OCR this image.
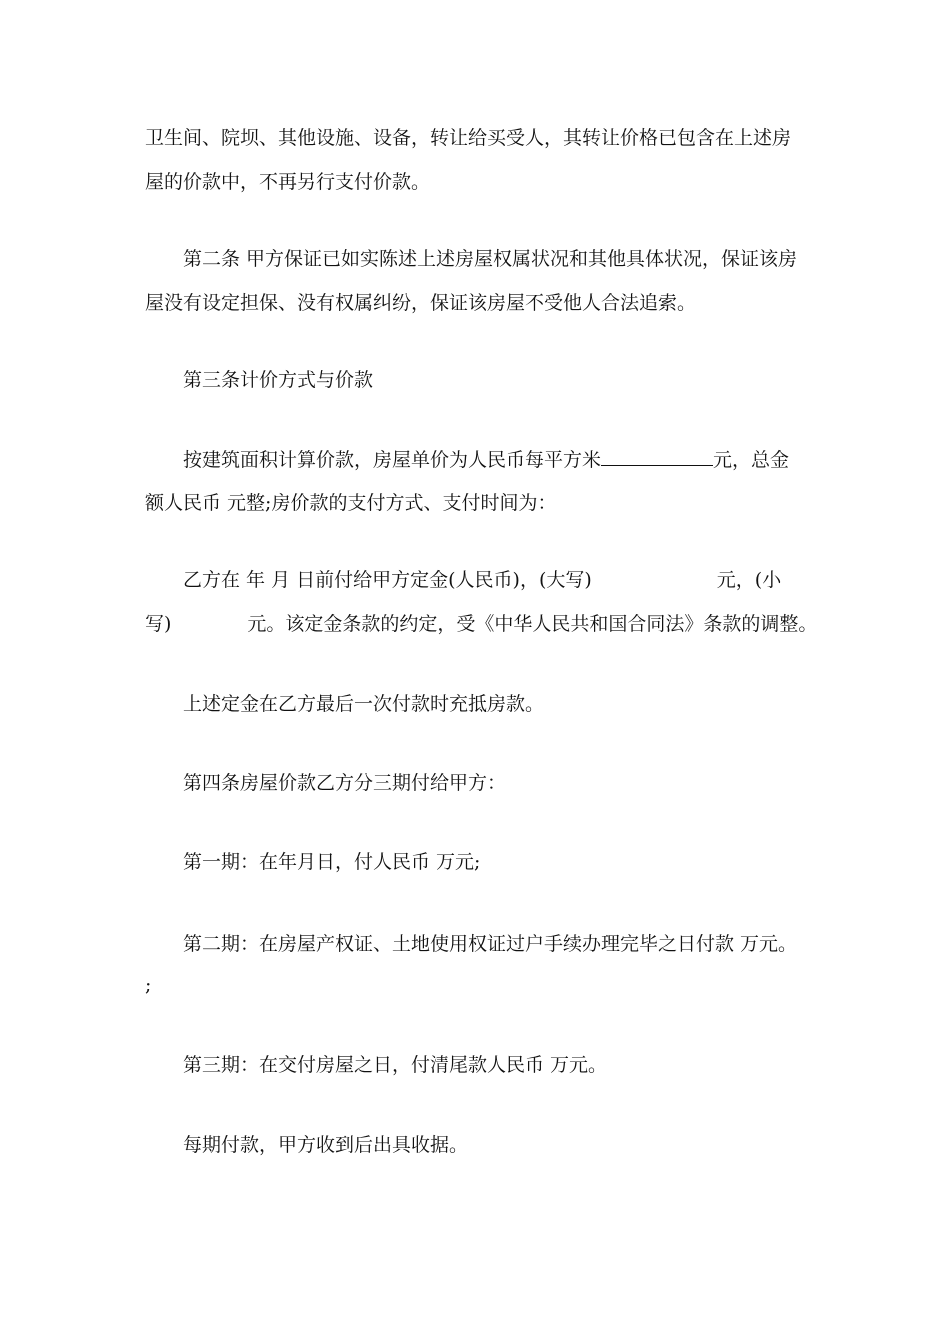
卫生间、院坝、其他设施、设备，转让给买受人，其转让价格已包含在上述房
屋的价款中，不再另行支付价款。
第二条 甲方保证已如实陈述上述房屋权属状况和其他具体状况，保证该房
屋没有设定担保、没有权属纠纷，保证该房屋不受他人合法追索。
第三条计价方式与价款
按建筑面积计算价款，房屋单价为人民币每平方米	元，总金
额人民币 元整;房价款的支付方式、支付时间为：
乙方在 年 月 日前付给甲方定金(人民币)，(大写)	元，(小
写)	元。该定金条款的约定，受《中华人民共和国合同法》条款的调整。
上述定金在乙方最后一次付款时充抵房款。
第四条房屋价款乙方分三期付给甲方：
第一期：在年月日，付人民币 万元;
第二期：在房屋产权证、土地使用权证过户手续办理完毕之日付款 万元。
;
第三期：在交付房屋之日，付清尾款人民币 万元。
每期付款，甲方收到后出具收据。
